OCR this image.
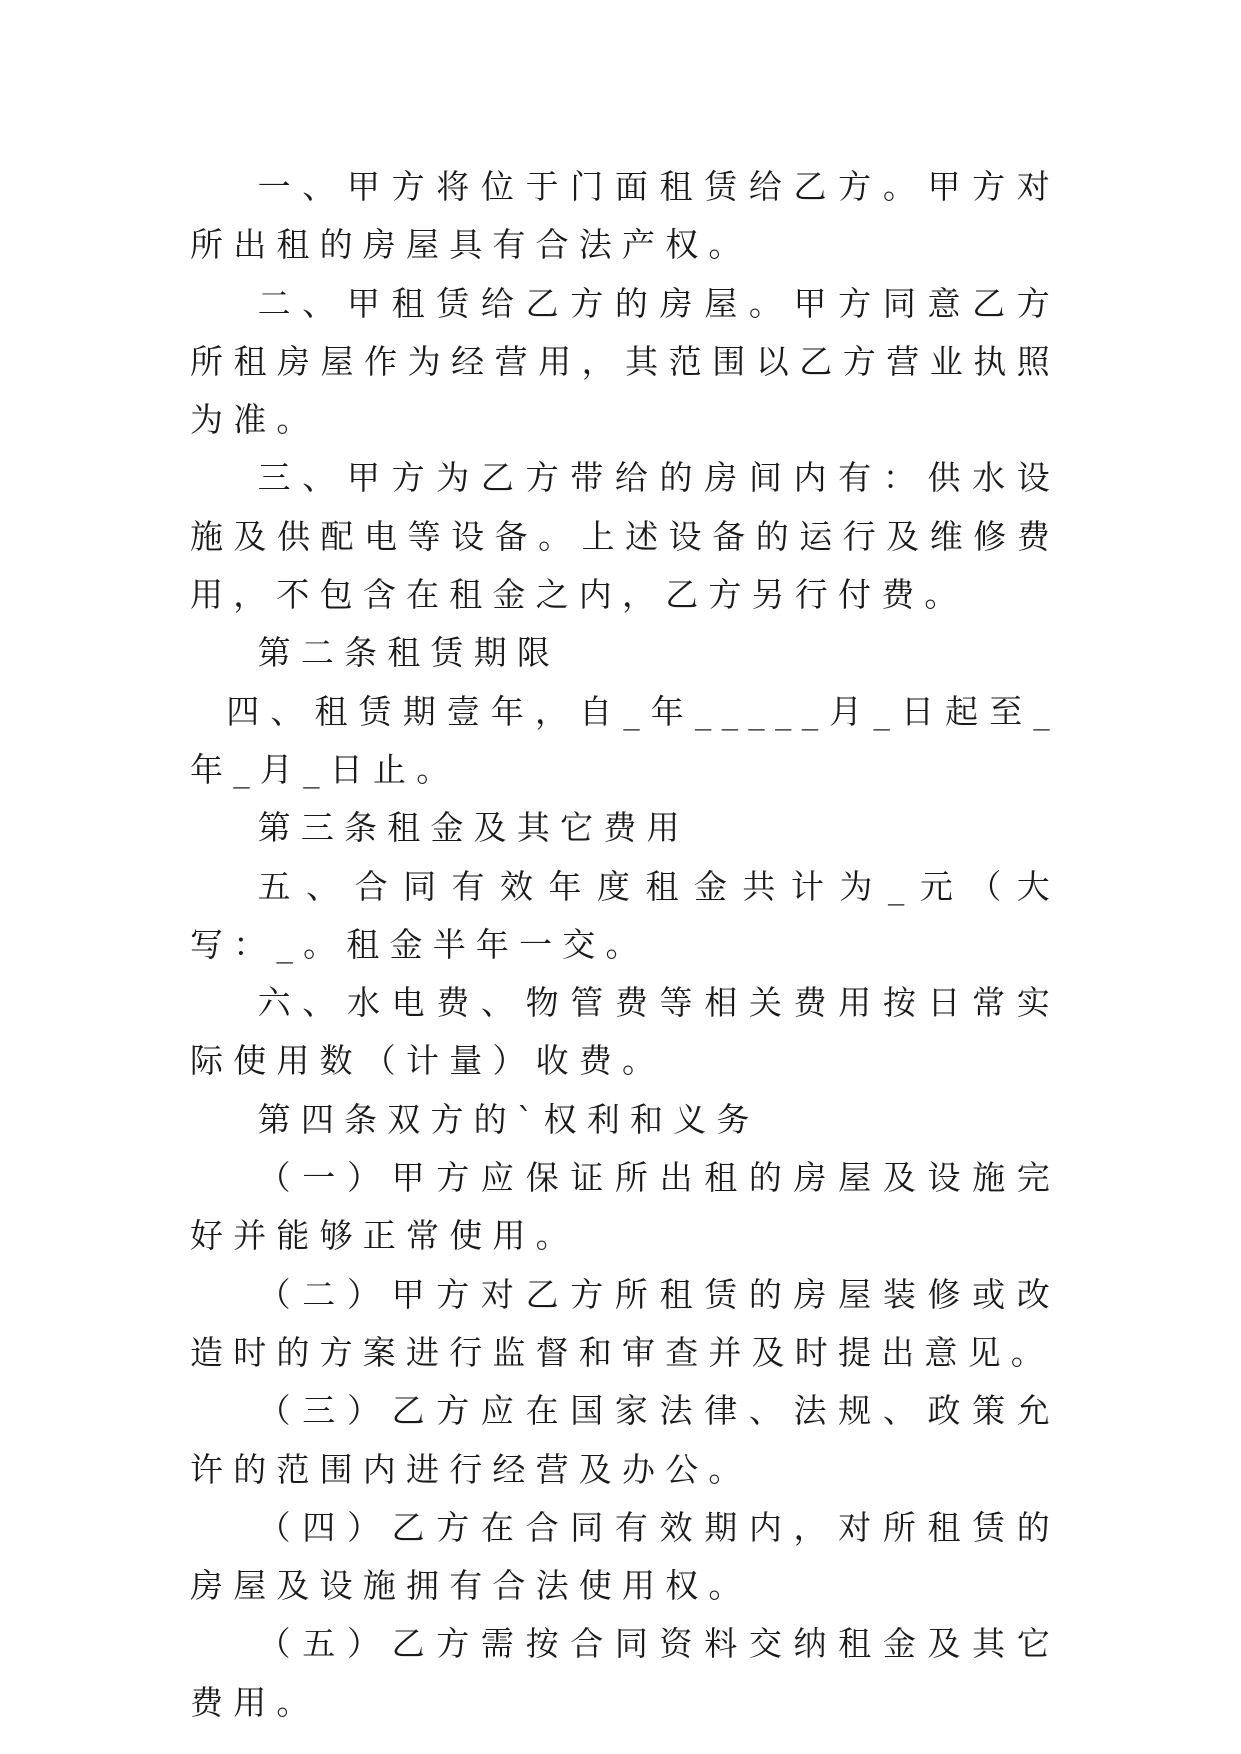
一、甲方将位于门面租赁给乙方。甲方对所出租的房屋具有合法产权。

二、甲租赁给乙方的房屋。甲方同意乙方所租房屋作为经营用，其范围以乙方营业执照为准。

三、甲方为乙方带给的房间内有：供水设施及供配电等设备。上述设备的运行及维修费用，不包含在租金之内，乙方另行付费。

第二条租赁期限

四、租赁期壹年，自_年_____月_日起至_年_月_日止。

第三条租金及其它费用

五、合同有效年度租金共计为_元（大写：_。租金半年一交。

六、水电费、物管费等相关费用按日常实际使用数（计量）收费。

第四条双方的`权利和义务

（一）甲方应保证所出租的房屋及设施完好并能够正常使用。

（二）甲方对乙方所租赁的房屋装修或改造时的方案进行监督和审查并及时提出意见。

（三）乙方应在国家法律、法规、政策允许的范围内进行经营及办公。

（四）乙方在合同有效期内，对所租赁的房屋及设施拥有合法使用权。

（五）乙方需按合同资料交纳租金及其它费用。
